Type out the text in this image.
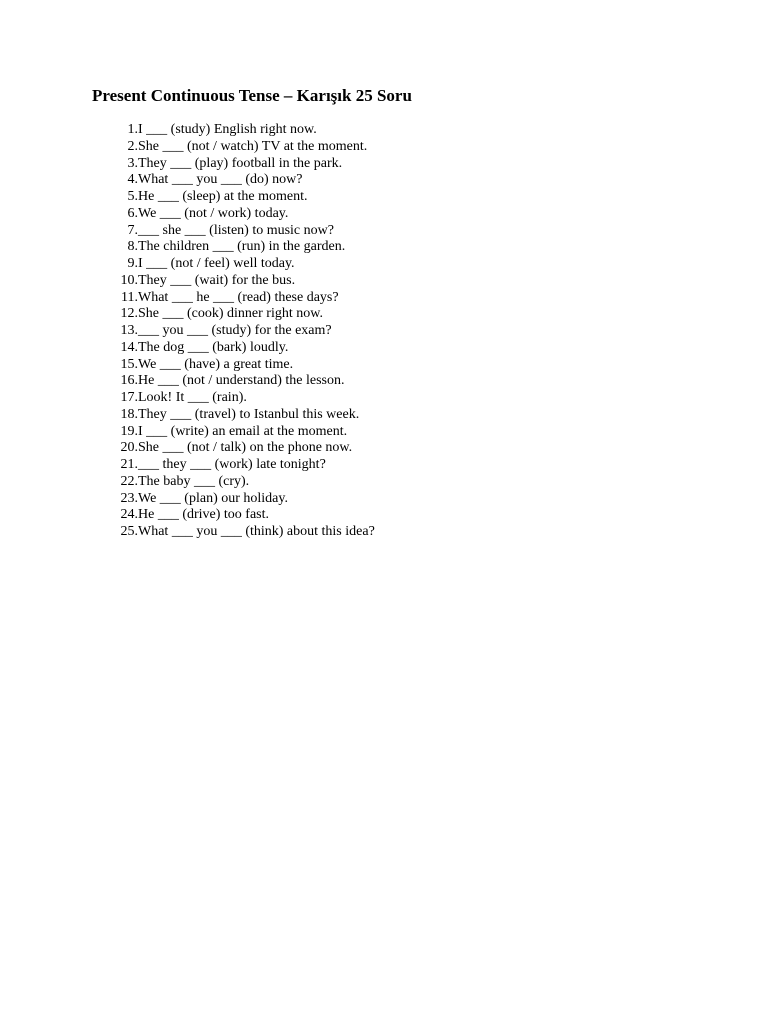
Present Continuous Tense – Karışık 25 Soru
1. I ___ (study) English right now.
2. She ___ (not / watch) TV at the moment.
3. They ___ (play) football in the park.
4. What ___ you ___ (do) now?
5. He ___ (sleep) at the moment.
6. We ___ (not / work) today.
7. ___ she ___ (listen) to music now?
8. The children ___ (run) in the garden.
9. I ___ (not / feel) well today.
10. They ___ (wait) for the bus.
11. What ___ he ___ (read) these days?
12. She ___ (cook) dinner right now.
13. ___ you ___ (study) for the exam?
14. The dog ___ (bark) loudly.
15. We ___ (have) a great time.
16. He ___ (not / understand) the lesson.
17. Look! It ___ (rain).
18. They ___ (travel) to Istanbul this week.
19. I ___ (write) an email at the moment.
20. She ___ (not / talk) on the phone now.
21. ___ they ___ (work) late tonight?
22. The baby ___ (cry).
23. We ___ (plan) our holiday.
24. He ___ (drive) too fast.
25. What ___ you ___ (think) about this idea?
